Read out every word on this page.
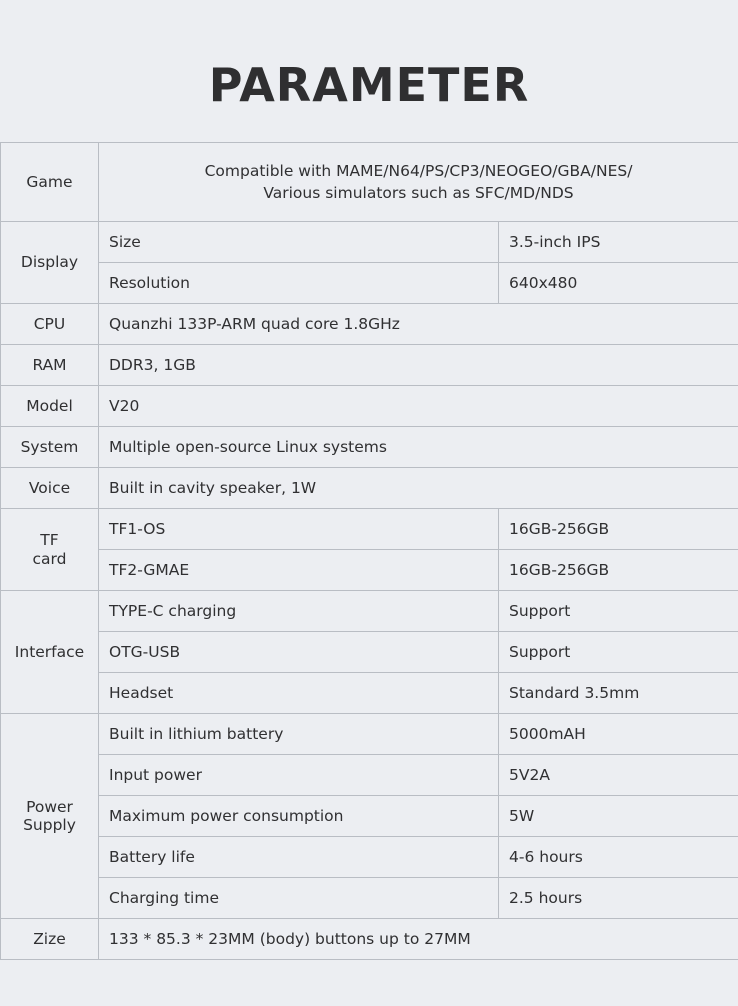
PARAMETER
Game	Compatible with MAME/N64/PS/CP3/NEOGEO/GBA/NES/
Various simulators such as SFC/MD/NDS	
Display	Size	3.5-inch IPS
	Resolution	640x480
CPU	Quanzhi 133P-ARM quad core 1.8GHz	
RAM	DDR3, 1GB	
Model	V20	
System	Multiple open-source Linux systems	
Voice	Built in cavity speaker, 1W	
TF
card	TF1-OS	16GB-256GB
	TF2-GMAE	16GB-256GB
Interface	TYPE-C charging	Support
	OTG-USB	Support
	Headset	Standard 3.5mm
Power
Supply	Built in lithium battery	5000mAH
	Input power	5V2A
	Maximum power consumption	5W
	Battery life	4-6 hours
	Charging time	2.5 hours
Zize	133 * 85.3 * 23MM (body) buttons up to 27MM	
